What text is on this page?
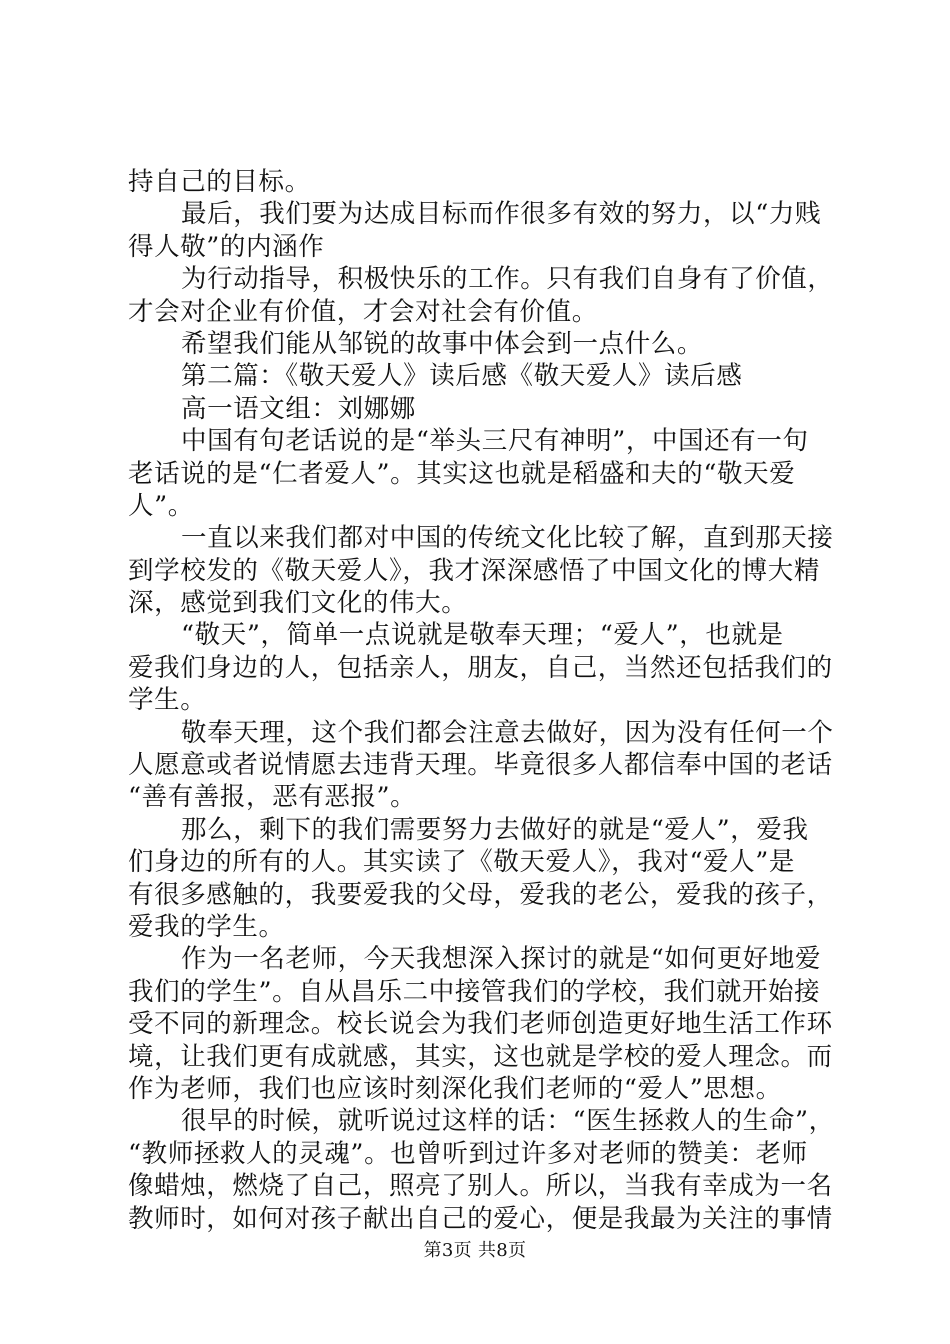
持自己的目标。
最后，我们要为达成目标而作很多有效的努力，以“力贱
得人敬”的内涵作
为行动指导，积极快乐的工作。只有我们自身有了价值，
才会对企业有价值，才会对社会有价值。
希望我们能从邹锐的故事中体会到一点什么。
第二篇：《敬天爱人》读后感《敬天爱人》读后感
高一语文组：刘娜娜
中国有句老话说的是“举头三尺有神明”，中国还有一句
老话说的是“仁者爱人”。其实这也就是稻盛和夫的“敬天爱
人”。
一直以来我们都对中国的传统文化比较了解，直到那天接
到学校发的《敬天爱人》，我才深深感悟了中国文化的博大精
深，感觉到我们文化的伟大。
“敬天”，简单一点说就是敬奉天理；“爱人”，也就是
爱我们身边的人，包括亲人，朋友，自己，当然还包括我们的
学生。
敬奉天理，这个我们都会注意去做好，因为没有任何一个
人愿意或者说情愿去违背天理。毕竟很多人都信奉中国的老话
“善有善报，恶有恶报”。
那么，剩下的我们需要努力去做好的就是“爱人”，爱我
们身边的所有的人。其实读了《敬天爱人》，我对“爱人”是
有很多感触的，我要爱我的父母，爱我的老公，爱我的孩子，
爱我的学生。
作为一名老师，今天我想深入探讨的就是“如何更好地爱
我们的学生”。自从昌乐二中接管我们的学校，我们就开始接
受不同的新理念。校长说会为我们老师创造更好地生活工作环
境，让我们更有成就感，其实，这也就是学校的爱人理念。而
作为老师，我们也应该时刻深化我们老师的“爱人”思想。
很早的时候，就听说过这样的话：“医生拯救人的生命”，
“教师拯救人的灵魂”。也曾听到过许多对老师的赞美：老师
像蜡烛，燃烧了自己，照亮了别人。所以，当我有幸成为一名
教师时，如何对孩子献出自己的爱心，便是我最为关注的事情
第3页 共8页
